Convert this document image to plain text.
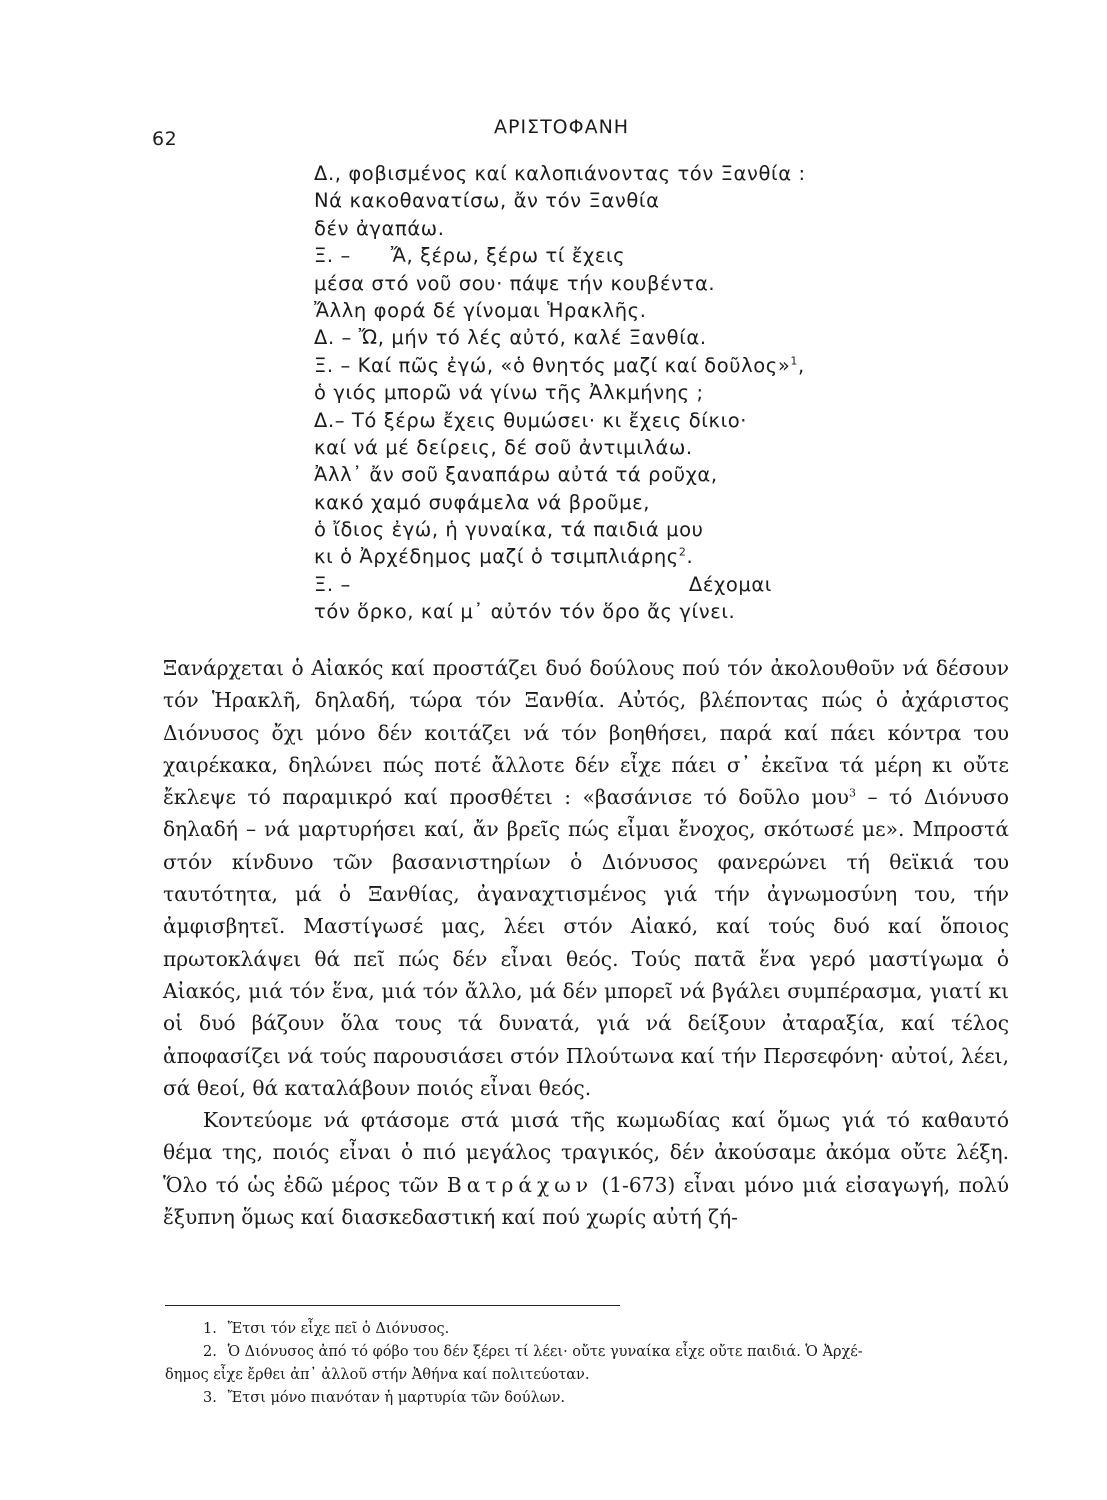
62
ΑΡΙΣΤΟΦΑΝΗ
Δ., φοβισμένος καί καλοπιάνοντας τόν Ξανθία :
Νά κακοθανατίσω, ἄν τόν Ξανθία
δέν ἀγαπάω.
Ξ. – Ἄ, ξέρω, ξέρω τί ἔχεις
μέσα στό νοῦ σου· πάψε τήν κουβέντα.
Ἄλλη φορά δέ γίνομαι Ἡρακλῆς.
Δ. – Ὤ, μήν τό λές αὐτό, καλέ Ξανθία.
Ξ. – Καί πῶς ἐγώ, «ὁ θνητός μαζί καί δοῦλος»$^1$,
ὁ γιός μπορῶ νά γίνω τῆς Ἀλκμήνης ;
Δ.– Τό ξέρω ἔχεις θυμώσει· κι ἔχεις δίκιο·
καί νά μέ δείρεις, δέ σοῦ ἀντιμιλάω.
Ἀλλ᾽ ἄν σοῦ ξαναπάρω αὐτά τά ροῦχα,
κακό χαμό συφάμελα νά βροῦμε,
ὁ ἴδιος ἐγώ, ἡ γυναίκα, τά παιδιά μου
κι ὁ Ἀρχέδημος μαζί ὁ τσιμπλιάρης$^2$.
Ξ. –	Δέχομαι
τόν ὅρκο, καί μ᾽ αὐτόν τόν ὅρο ἄς γίνει.

Ξανάρχεται ὁ Αἰακός καί προστάζει δυό δούλους πού τόν ἀκολουθοῦν νά δέσουν τόν Ἡρακλῆ, δηλαδή, τώρα τόν Ξανθία. Αὐτός, βλέποντας πώς ὁ ἀχάριστος Διόνυσος ὄχι μόνο δέν κοιτάζει νά τόν βοηθήσει, παρά καί πάει κόντρα του χαιρέκακα, δηλώνει πώς ποτέ ἄλλοτε δέν εἶχε πάει σ᾽ ἐκεῖνα τά μέρη κι οὔτε ἔκλεψε τό παραμικρό καί προσθέτει : «βασάνισε τό δοῦλο μου$^3$ – τό Διόνυσο δηλαδή – νά μαρτυρήσει καί, ἄν βρεῖς πώς εἶμαι ἔνοχος, σκότωσέ με». Μπροστά στόν κίνδυνο τῶν βασανιστηρίων ὁ Διόνυσος φανερώνει τή θεϊκιά του ταυτότητα, μά ὁ Ξανθίας, ἀγαναχτισμένος γιά τήν ἀγνωμοσύνη του, τήν ἀμφισβητεῖ. Μαστίγωσέ μας, λέει στόν Αἰακό, καί τούς δυό καί ὅποιος πρωτοκλάψει θά πεῖ πώς δέν εἶναι θεός. Τούς πατᾶ ἕνα γερό μαστίγωμα ὁ Αἰακός, μιά τόν ἕνα, μιά τόν ἄλλο, μά δέν μπορεῖ νά βγάλει συμπέρασμα, γιατί κι οἱ δυό βάζουν ὅλα τους τά δυνατά, γιά νά δείξουν ἀταραξία, καί τέλος ἀποφασίζει νά τούς παρουσιάσει στόν Πλούτωνα καί τήν Περσεφόνη· αὐτοί, λέει, σά θεοί, θά καταλάβουν ποιός εἶναι θεός.

Κοντεύομε νά φτάσομε στά μισά τῆς κωμωδίας καί ὅμως γιά τό καθαυτό θέμα της, ποιός εἶναι ὁ πιό μεγάλος τραγικός, δέν ἀκούσαμε ἀκόμα οὔτε λέξη. Ὅλο τό ὡς ἐδῶ μέρος τῶν Βατράχων (1-673) εἶναι μόνο μιά εἰσαγωγή, πολύ ἔξυπνη ὅμως καί διασκεδαστική καί πού χωρίς αὐτή ζή-

1. Ἔτσι τόν εἶχε πεῖ ὁ Διόνυσος.
2. Ὁ Διόνυσος ἀπό τό φόβο του δέν ξέρει τί λέει· οὔτε γυναίκα εἶχε οὔτε παιδιά. Ὁ Ἀρχέ-
δημος εἶχε ἔρθει ἀπ᾽ ἀλλοῦ στήν Ἀθήνα καί πολιτεύοταν.
3. Ἔτσι μόνο πιανόταν ἡ μαρτυρία τῶν δούλων.
